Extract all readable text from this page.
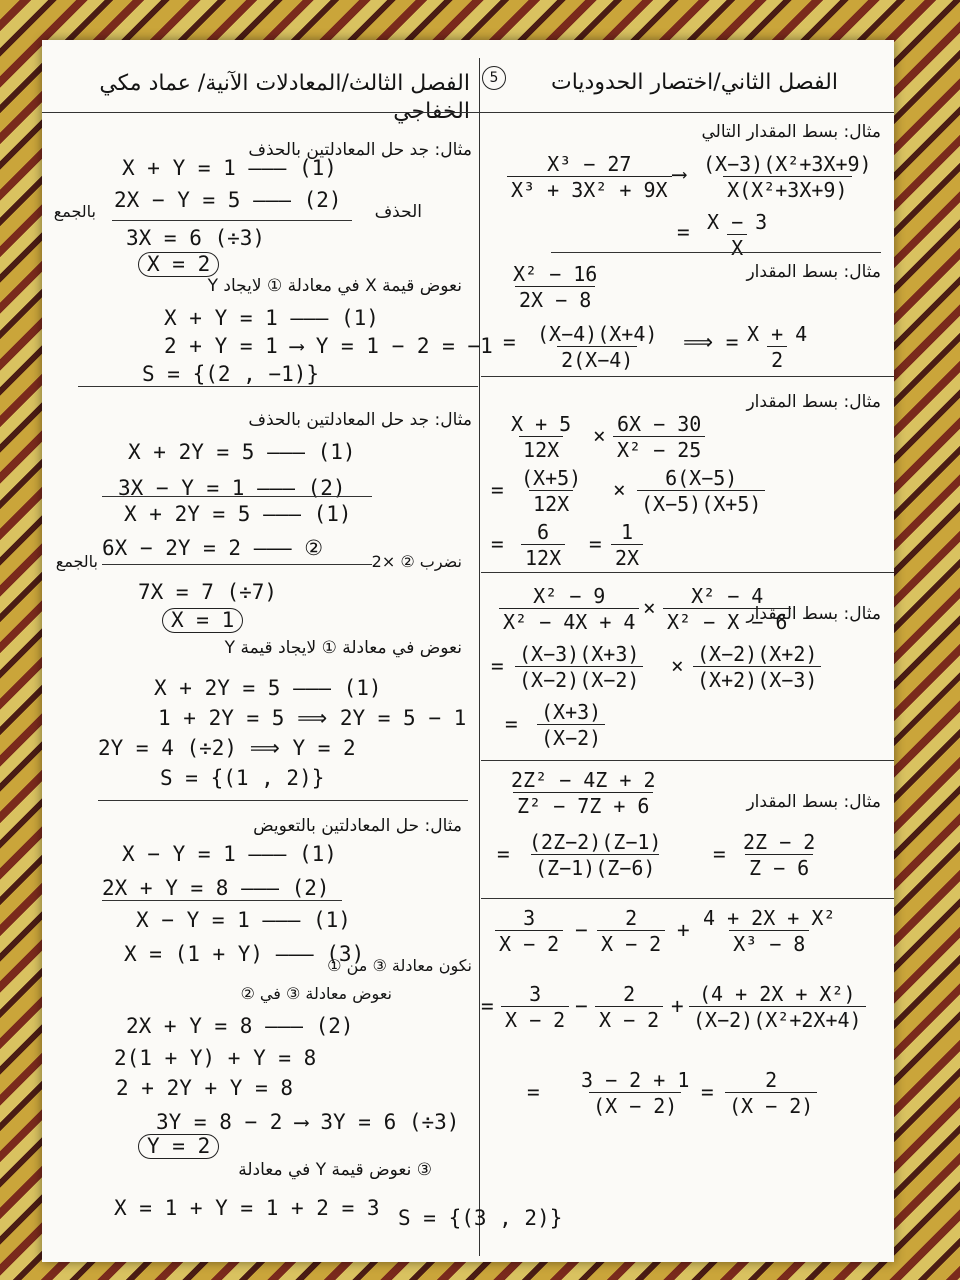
الفصل الثالث/المعادلات الآنية/ عماد مكي الخفاجي
5	الفصل الثاني/اختصار الحدوديات
مثال: جد حل المعادلتين بالحذف
X + Y = 1 ——— (1)
2X − Y = 5 ——— (2)
بالجمع	الحذف
3X = 6 (÷3)
X = 2
نعوض قيمة X في معادلة ① لايجاد Y
X + Y = 1 ——— (1)
2 + Y = 1 ⟶ Y = 1 − 2 = −1
S = {(2 , −1)}
مثال: جد حل المعادلتين بالحذف
X + 2Y = 5 ——— (1)
3X − Y = 1 ——— (2)
X + 2Y = 5 ——— (1)
6X − 2Y = 2 ——— ②
نضرب ② ×2
بالجمع
7X = 7 (÷7)
X = 1
نعوض في معادلة ① لايجاد قيمة Y
X + 2Y = 5 ——— (1)
1 + 2Y = 5 ⟹ 2Y = 5 − 1
2Y = 4 (÷2) ⟹ Y = 2
S = {(1 , 2)}
مثال: حل المعادلتين بالتعويض
X − Y = 1 ——— (1)
2X + Y = 8 ——— (2)
X − Y = 1 ——— (1)
X = (1 + Y) ——— (3)
نكون معادلة ③ من ①
نعوض معادلة ③ في ②
2X + Y = 8 ——— (2)
2(1 + Y) + Y = 8
2 + 2Y + Y = 8
3Y = 8 − 2 ⟶ 3Y = 6 (÷3)
Y = 2
③ نعوض قيمة Y في معادلة
X = 1 + Y = 1 + 2 = 3
مثال: بسط المقدار التالي
$\frac{\text{X³ − 27}}{\text{X³ + 3X² + 9X}}$ ⟶ $\frac{\text{(X−3)(X²+3X+9)}}{\text{X(X²+3X+9)}}$
= $\frac{X - 3}{X}$
مثال: بسط المقدار
$\frac{\text{X² − 16}}{2X - 8}$
= $\frac{(X-4)(X+4)}{2(X-4)}$ ⟹ = $\frac{X + 4}{2}$
مثال: بسط المقدار
$\frac{X + 5}{12X} \times \frac{6X - 30}{\text{X² − 25}}$
= $\frac{(X+5)}{12X} \times \frac{6(X-5)}{(X-5)(X+5)}$
= $\frac{6}{12X} = \frac{1}{2X}$
مثال: بسط المقدار
$\frac{\text{X² − 9}}{\text{X² − 4X + 4}} \times \frac{\text{X² − 4}}{\text{X² − X − 6}}$
= $\frac{(X-3)(X+3)}{(X-2)(X-2)} \times \frac{(X-2)(X+2)}{(X+2)(X-3)}$
= $\frac{(X+3)}{(X-2)}$
مثال: بسط المقدار
$\frac{\text{2Z² − 4Z + 2}}{\text{Z² − 7Z + 6}}$
= $\frac{(2Z-2)(Z-1)}{(Z-1)(Z-6)} = \frac{2Z - 2}{Z - 6}$
$\frac{3}{X - 2} - \frac{2}{X - 2} + \frac{\text{4 + 2X + X²}}{\text{X³ − 8}}$
= $\frac{3}{X - 2} - \frac{2}{X - 2} + \frac{\text{(4 + 2X + X²)}}{\text{(X−2)(X²+2X+4)}}$
= $\frac{3 - 2 + 1}{(X - 2)} = \frac{2}{(X - 2)}$
S = {(3 , 2)}
